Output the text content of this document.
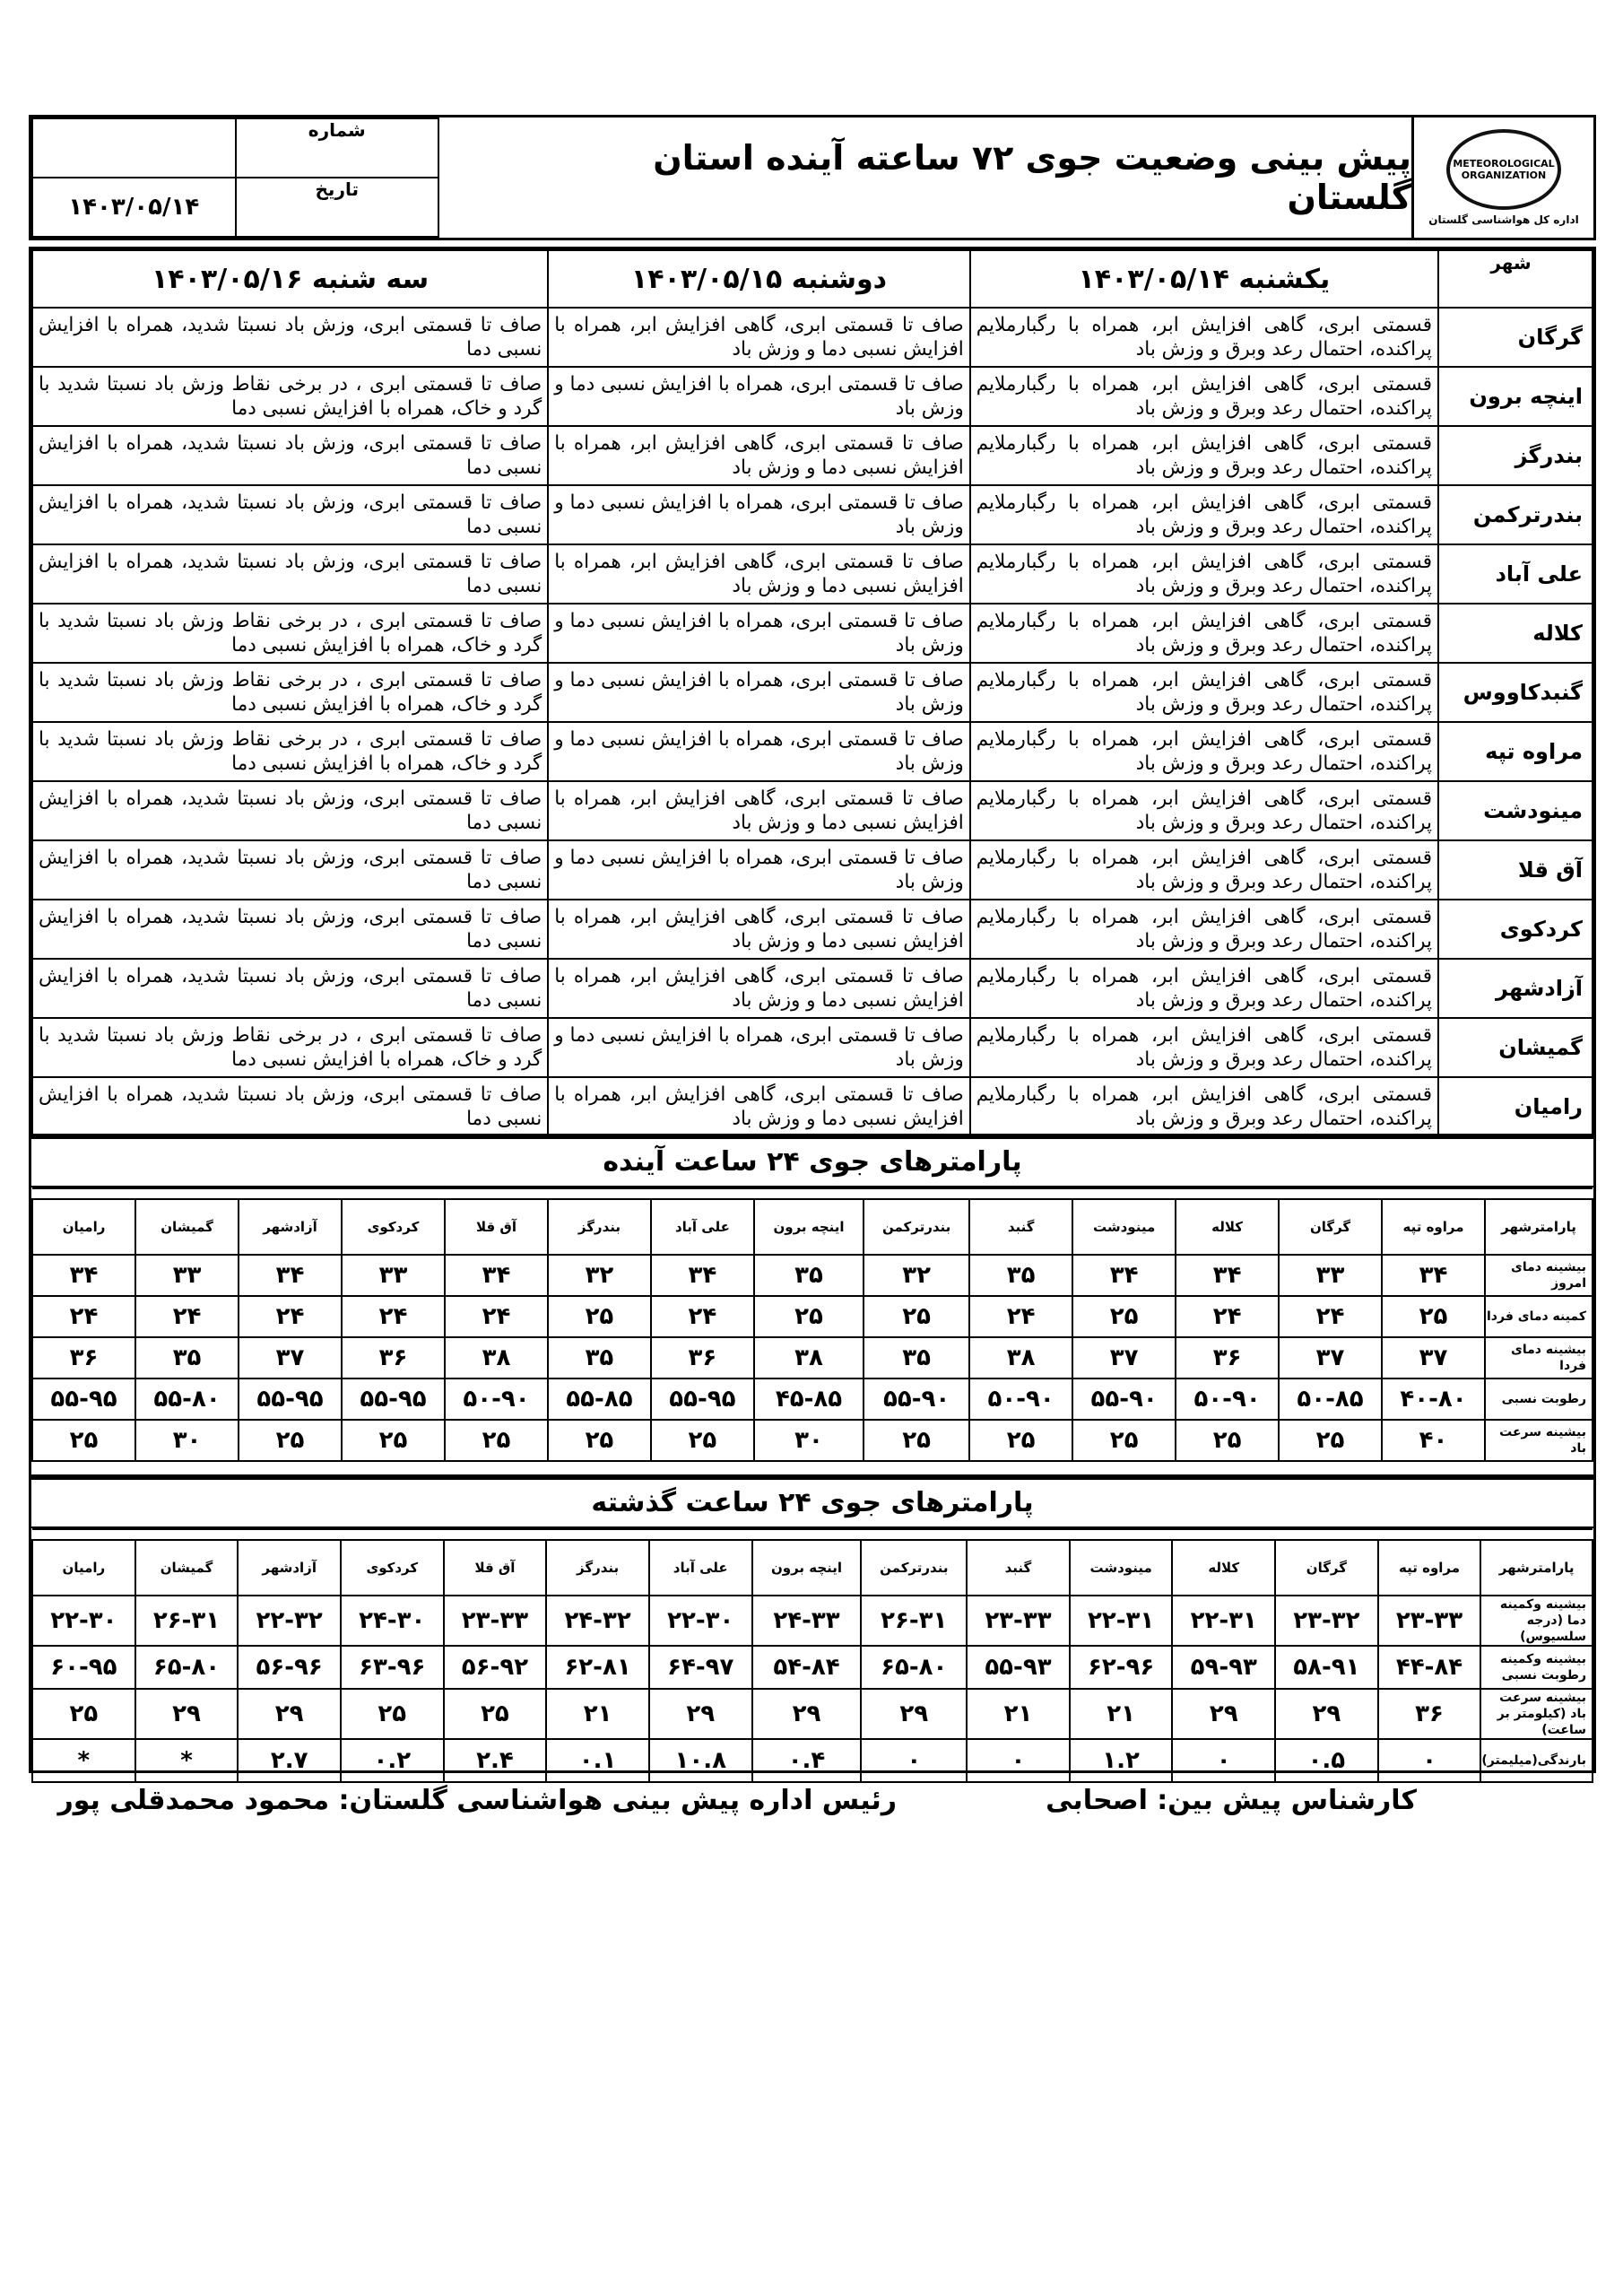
METEOROLOGICAL ORGANIZATION
اداره کل هواشناسی گلستان
پیش بینی وضعیت جوی ۷۲ ساعته آینده استان گلستان
شماره	
تاریخ	۱۴۰۳/۰۵/۱۴
شهر	یکشنبه ۱۴۰۳/۰۵/۱۴	دوشنبه ۱۴۰۳/۰۵/۱۵	سه شنبه ۱۴۰۳/۰۵/۱۶
گرگان	قسمتی ابری، گاهی افزایش ابر، همراه با رگبارملایم پراکنده، احتمال رعد وبرق و وزش باد	صاف تا قسمتی ابری، گاهی افزایش ابر، همراه با افزایش نسبی دما و وزش باد	صاف تا قسمتی ابری، وزش باد نسبتا شدید، همراه با افزایش نسبی دما
اینچه برون	قسمتی ابری، گاهی افزایش ابر، همراه با رگبارملایم پراکنده، احتمال رعد وبرق و وزش باد	صاف تا قسمتی ابری، همراه با افزایش نسبی دما و وزش باد	صاف تا قسمتی ابری ، در برخی نقاط وزش باد نسبتا شدید با گرد و خاک، همراه با افزایش نسبی دما
بندرگز	قسمتی ابری، گاهی افزایش ابر، همراه با رگبارملایم پراکنده، احتمال رعد وبرق و وزش باد	صاف تا قسمتی ابری، گاهی افزایش ابر، همراه با افزایش نسبی دما و وزش باد	صاف تا قسمتی ابری، وزش باد نسبتا شدید، همراه با افزایش نسبی دما
بندرترکمن	قسمتی ابری، گاهی افزایش ابر، همراه با رگبارملایم پراکنده، احتمال رعد وبرق و وزش باد	صاف تا قسمتی ابری، همراه با افزایش نسبی دما و وزش باد	صاف تا قسمتی ابری، وزش باد نسبتا شدید، همراه با افزایش نسبی دما
علی آباد	قسمتی ابری، گاهی افزایش ابر، همراه با رگبارملایم پراکنده، احتمال رعد وبرق و وزش باد	صاف تا قسمتی ابری، گاهی افزایش ابر، همراه با افزایش نسبی دما و وزش باد	صاف تا قسمتی ابری، وزش باد نسبتا شدید، همراه با افزایش نسبی دما
کلاله	قسمتی ابری، گاهی افزایش ابر، همراه با رگبارملایم پراکنده، احتمال رعد وبرق و وزش باد	صاف تا قسمتی ابری، همراه با افزایش نسبی دما و وزش باد	صاف تا قسمتی ابری ، در برخی نقاط وزش باد نسبتا شدید با گرد و خاک، همراه با افزایش نسبی دما
گنبدکاووس	قسمتی ابری، گاهی افزایش ابر، همراه با رگبارملایم پراکنده، احتمال رعد وبرق و وزش باد	صاف تا قسمتی ابری، همراه با افزایش نسبی دما و وزش باد	صاف تا قسمتی ابری ، در برخی نقاط وزش باد نسبتا شدید با گرد و خاک، همراه با افزایش نسبی دما
مراوه تپه	قسمتی ابری، گاهی افزایش ابر، همراه با رگبارملایم پراکنده، احتمال رعد وبرق و وزش باد	صاف تا قسمتی ابری، همراه با افزایش نسبی دما و وزش باد	صاف تا قسمتی ابری ، در برخی نقاط وزش باد نسبتا شدید با گرد و خاک، همراه با افزایش نسبی دما
مینودشت	قسمتی ابری، گاهی افزایش ابر، همراه با رگبارملایم پراکنده، احتمال رعد وبرق و وزش باد	صاف تا قسمتی ابری، گاهی افزایش ابر، همراه با افزایش نسبی دما و وزش باد	صاف تا قسمتی ابری، وزش باد نسبتا شدید، همراه با افزایش نسبی دما
آق قلا	قسمتی ابری، گاهی افزایش ابر، همراه با رگبارملایم پراکنده، احتمال رعد وبرق و وزش باد	صاف تا قسمتی ابری، همراه با افزایش نسبی دما و وزش باد	صاف تا قسمتی ابری، وزش باد نسبتا شدید، همراه با افزایش نسبی دما
کردکوی	قسمتی ابری، گاهی افزایش ابر، همراه با رگبارملایم پراکنده، احتمال رعد وبرق و وزش باد	صاف تا قسمتی ابری، گاهی افزایش ابر، همراه با افزایش نسبی دما و وزش باد	صاف تا قسمتی ابری، وزش باد نسبتا شدید، همراه با افزایش نسبی دما
آزادشهر	قسمتی ابری، گاهی افزایش ابر، همراه با رگبارملایم پراکنده، احتمال رعد وبرق و وزش باد	صاف تا قسمتی ابری، گاهی افزایش ابر، همراه با افزایش نسبی دما و وزش باد	صاف تا قسمتی ابری، وزش باد نسبتا شدید، همراه با افزایش نسبی دما
گمیشان	قسمتی ابری، گاهی افزایش ابر، همراه با رگبارملایم پراکنده، احتمال رعد وبرق و وزش باد	صاف تا قسمتی ابری، همراه با افزایش نسبی دما و وزش باد	صاف تا قسمتی ابری ، در برخی نقاط وزش باد نسبتا شدید با گرد و خاک، همراه با افزایش نسبی دما
رامیان	قسمتی ابری، گاهی افزایش ابر، همراه با رگبارملایم پراکنده، احتمال رعد وبرق و وزش باد	صاف تا قسمتی ابری، گاهی افزایش ابر، همراه با افزایش نسبی دما و وزش باد	صاف تا قسمتی ابری، وزش باد نسبتا شدید، همراه با افزایش نسبی دما
پارامترهای جوی ۲۴ ساعت آینده

پارامترشهر	مراوه تپه	گرگان	کلاله	مینودشت	گنبد	بندرترکمن	اینچه برون	علی آباد	بندرگز	آق قلا	کردکوی	آزادشهر	گمیشان	رامیان
بیشینه دمای امروز	۳۴	۳۳	۳۴	۳۴	۳۵	۳۲	۳۵	۳۴	۳۲	۳۴	۳۳	۳۴	۳۳	۳۴
کمینه دمای فردا	۲۵	۲۴	۲۴	۲۵	۲۴	۲۵	۲۵	۲۴	۲۵	۲۴	۲۴	۲۴	۲۴	۲۴
بیشینه دمای فردا	۳۷	۳۷	۳۶	۳۷	۳۸	۳۵	۳۸	۳۶	۳۵	۳۸	۳۶	۳۷	۳۵	۳۶
رطوبت نسبی	۴۰-۸۰	۵۰-۸۵	۵۰-۹۰	۵۵-۹۰	۵۰-۹۰	۵۵-۹۰	۴۵-۸۵	۵۵-۹۵	۵۵-۸۵	۵۰-۹۰	۵۵-۹۵	۵۵-۹۵	۵۵-۸۰	۵۵-۹۵
بیشینه سرعت باد	۴۰	۲۵	۲۵	۲۵	۲۵	۲۵	۳۰	۲۵	۲۵	۲۵	۲۵	۲۵	۳۰	۲۵
پارامترهای جوی ۲۴ ساعت گذشته

پارامترشهر	مراوه تپه	گرگان	کلاله	مینودشت	گنبد	بندرترکمن	اینچه برون	علی آباد	بندرگز	آق قلا	کردکوی	آزادشهر	گمیشان	رامیان
بیشینه وکمینه دما (درجه سلسیوس)	۲۳-۳۳	۲۳-۳۲	۲۲-۳۱	۲۲-۳۱	۲۳-۳۳	۲۶-۳۱	۲۴-۳۳	۲۲-۳۰	۲۴-۳۲	۲۳-۳۳	۲۴-۳۰	۲۲-۳۲	۲۶-۳۱	۲۲-۳۰
بیشینه وکمینه رطوبت نسبی	۴۴-۸۴	۵۸-۹۱	۵۹-۹۳	۶۲-۹۶	۵۵-۹۳	۶۵-۸۰	۵۴-۸۴	۶۴-۹۷	۶۲-۸۱	۵۶-۹۲	۶۳-۹۶	۵۶-۹۶	۶۵-۸۰	۶۰-۹۵
بیشینه سرعت باد (کیلومتر بر ساعت)	۳۶	۲۹	۲۹	۲۱	۲۱	۲۹	۲۹	۲۹	۲۱	۲۵	۲۵	۲۹	۲۹	۲۵
بارندگی(میلیمتر)	۰	۰.۵	۰	۱.۲	۰	۰	۰.۴	۱۰.۸	۰.۱	۲.۴	۰.۲	۲.۷	*	*
کارشناس پیش بین: اصحابی
رئیس اداره پیش بینی هواشناسی گلستان: محمود محمدقلی پور
